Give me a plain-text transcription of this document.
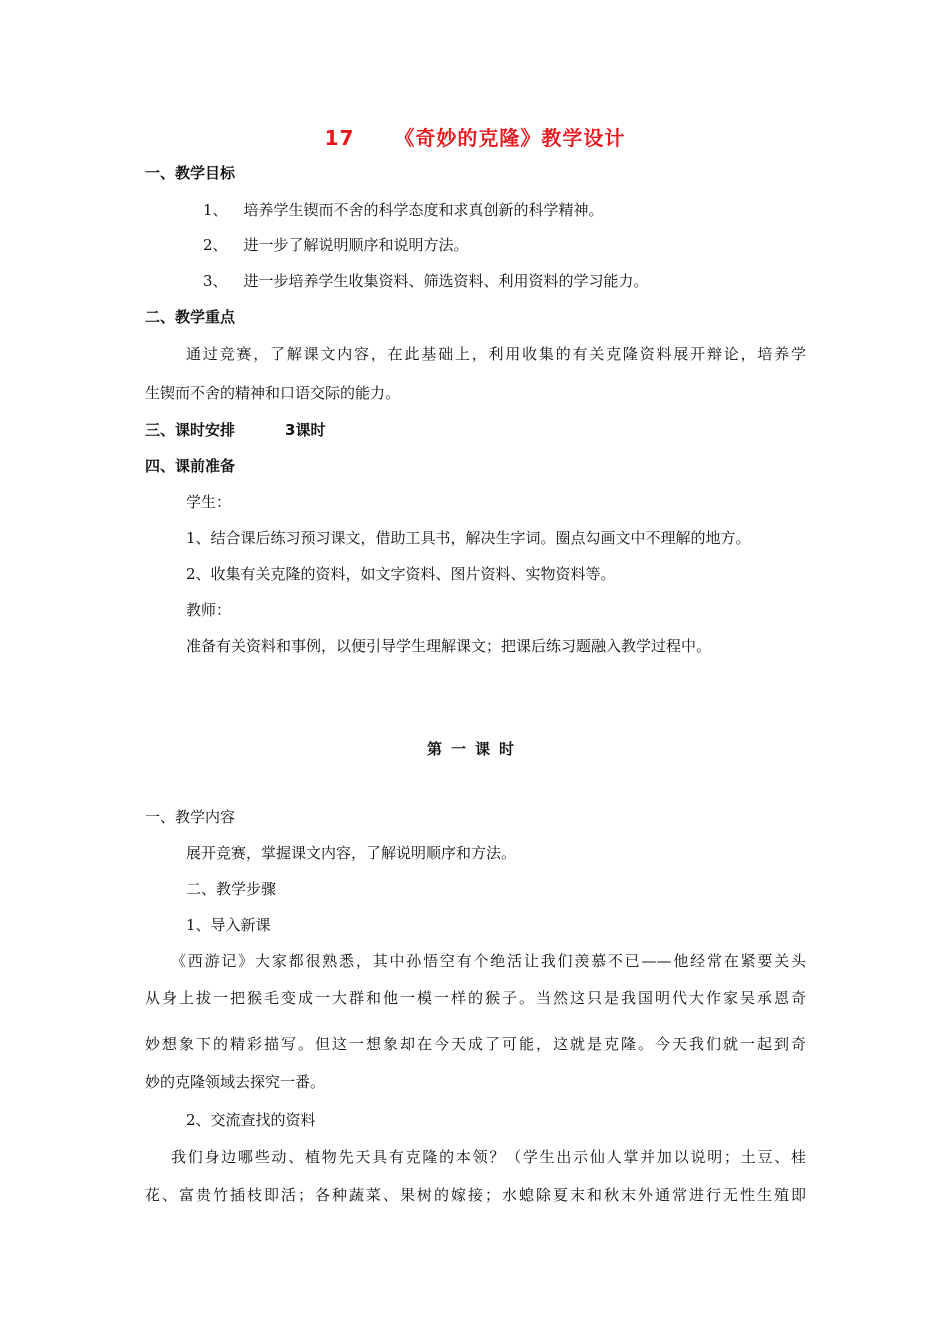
17 《奇妙的克隆》教学设计
一、教学目标
1、 培养学生锲而不舍的科学态度和求真创新的科学精神。
2、 进一步了解说明顺序和说明方法。
3、 进一步培养学生收集资料、筛选资料、利用资料的学习能力。
二、教学重点
通过竞赛，了解课文内容，在此基础上，利用收集的有关克隆资料展开辩论，培养学
生锲而不舍的精神和口语交际的能力。
三、课时安排	3课时
四、课前准备
学生：
1、结合课后练习预习课文，借助工具书，解决生字词。圈点勾画文中不理解的地方。
2、收集有关克隆的资料，如文字资料、图片资料、实物资料等。
教师：
准备有关资料和事例，以便引导学生理解课文；把课后练习题融入教学过程中。
第一课时
一、教学内容
展开竞赛，掌握课文内容，了解说明顺序和方法。
二、教学步骤
1、导入新课
《西游记》大家都很熟悉，其中孙悟空有个绝活让我们羡慕不已——他经常在紧要关头
从身上拔一把猴毛变成一大群和他一模一样的猴子。当然这只是我国明代大作家吴承恩奇
妙想象下的精彩描写。但这一想象却在今天成了可能，这就是克隆。今天我们就一起到奇
妙的克隆领域去探究一番。
2、交流查找的资料
我们身边哪些动、植物先天具有克隆的本领？（学生出示仙人掌并加以说明；土豆、桂
花、富贵竹插枝即活；各种蔬菜、果树的嫁接；水螅除夏末和秋末外通常进行无性生殖即
